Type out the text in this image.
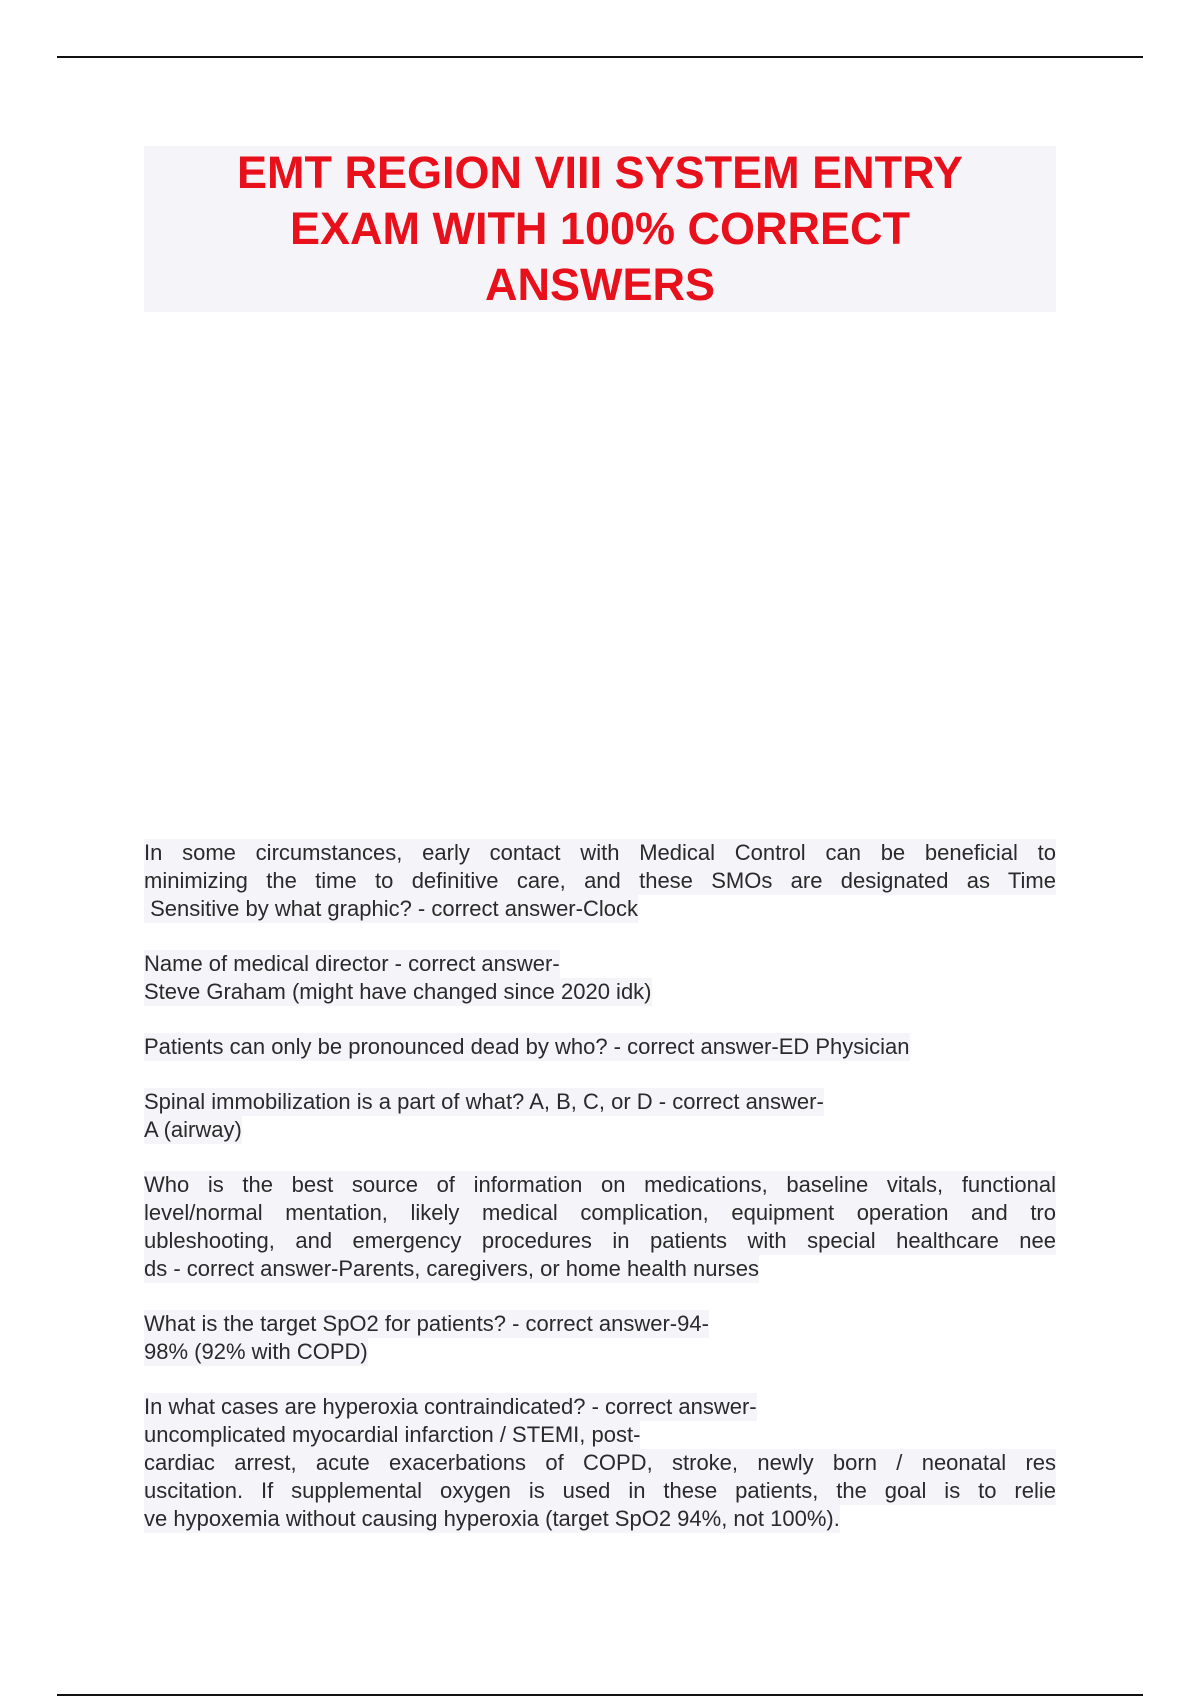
EMT REGION VIII SYSTEM ENTRY
EXAM WITH 100% CORRECT
ANSWERS
In some circumstances, early contact with Medical Control can be beneficial to
minimizing the time to definitive care, and these SMOs are designated as Time
Sensitive by what graphic? - correct answer-Clock
Name of medical director - correct answer-
Steve Graham (might have changed since 2020 idk)
Patients can only be pronounced dead by who? - correct answer-ED Physician
Spinal immobilization is a part of what? A, B, C, or D - correct answer-
A (airway)
Who is the best source of information on medications, baseline vitals, functional
level/normal mentation, likely medical complication, equipment operation and tro
ubleshooting, and emergency procedures in patients with special healthcare nee
ds - correct answer-Parents, caregivers, or home health nurses
What is the target SpO2 for patients? - correct answer-94-
98% (92% with COPD)
In what cases are hyperoxia contraindicated? - correct answer-
uncomplicated myocardial infarction / STEMI, post-
cardiac arrest, acute exacerbations of COPD, stroke, newly born / neonatal res
uscitation. If supplemental oxygen is used in these patients, the goal is to relie
ve hypoxemia without causing hyperoxia (target SpO2 94%, not 100%).
